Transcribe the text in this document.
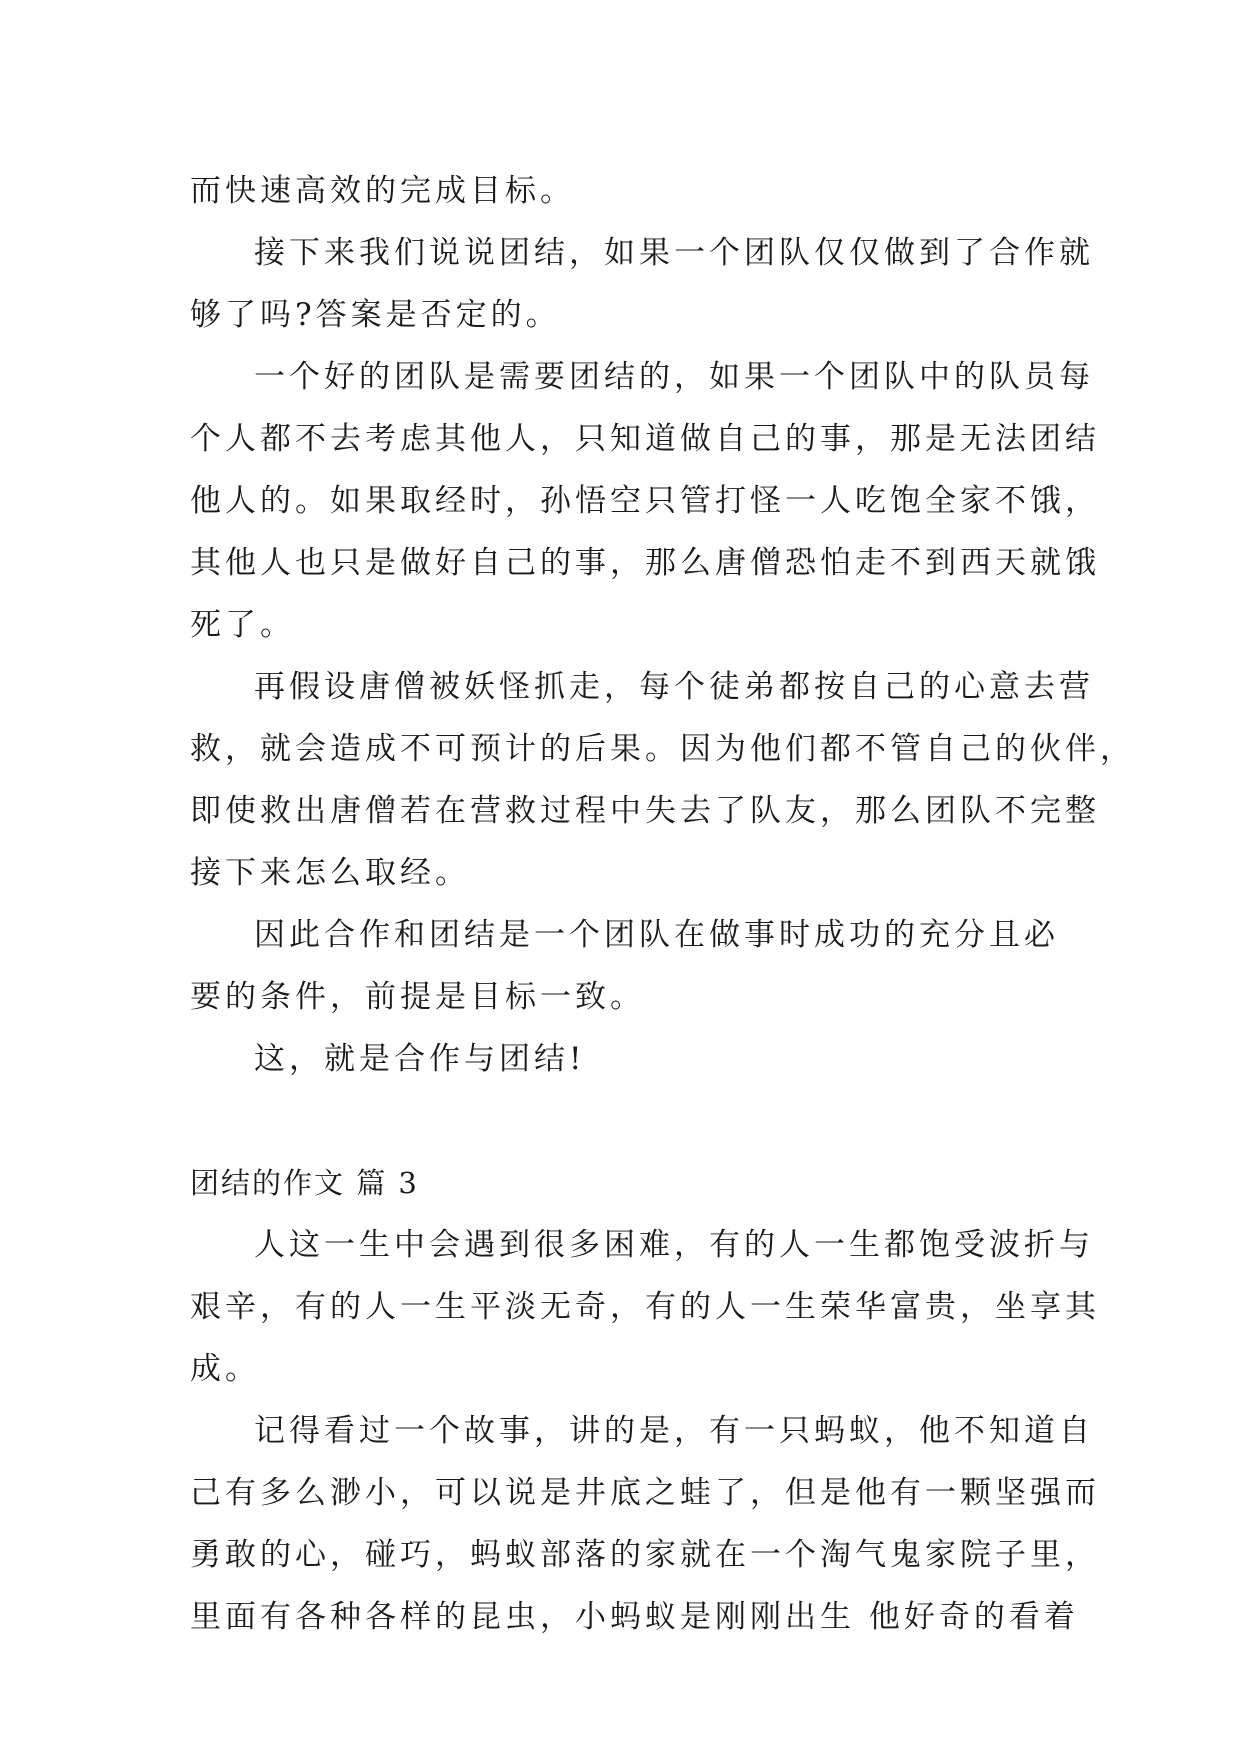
而快速高效的完成目标。
接下来我们说说团结，如果一个团队仅仅做到了合作就
够了吗?答案是否定的。
一个好的团队是需要团结的，如果一个团队中的队员每
个人都不去考虑其他人，只知道做自己的事，那是无法团结
他人的。如果取经时，孙悟空只管打怪一人吃饱全家不饿，
其他人也只是做好自己的事，那么唐僧恐怕走不到西天就饿
死了。
再假设唐僧被妖怪抓走，每个徒弟都按自己的心意去营
救，就会造成不可预计的后果。因为他们都不管自己的伙伴，
即使救出唐僧若在营救过程中失去了队友，那么团队不完整
接下来怎么取经。
因此合作和团结是一个团队在做事时成功的充分且必
要的条件，前提是目标一致。
这，就是合作与团结!
团结的作文 篇 3
人这一生中会遇到很多困难，有的人一生都饱受波折与
艰辛，有的人一生平淡无奇，有的人一生荣华富贵，坐享其
成。
记得看过一个故事，讲的是，有一只蚂蚁，他不知道自
己有多么渺小，可以说是井底之蛙了，但是他有一颗坚强而
勇敢的心，碰巧，蚂蚁部落的家就在一个淘气鬼家院子里，
里面有各种各样的昆虫，小蚂蚁是刚刚出生 他好奇的看着
